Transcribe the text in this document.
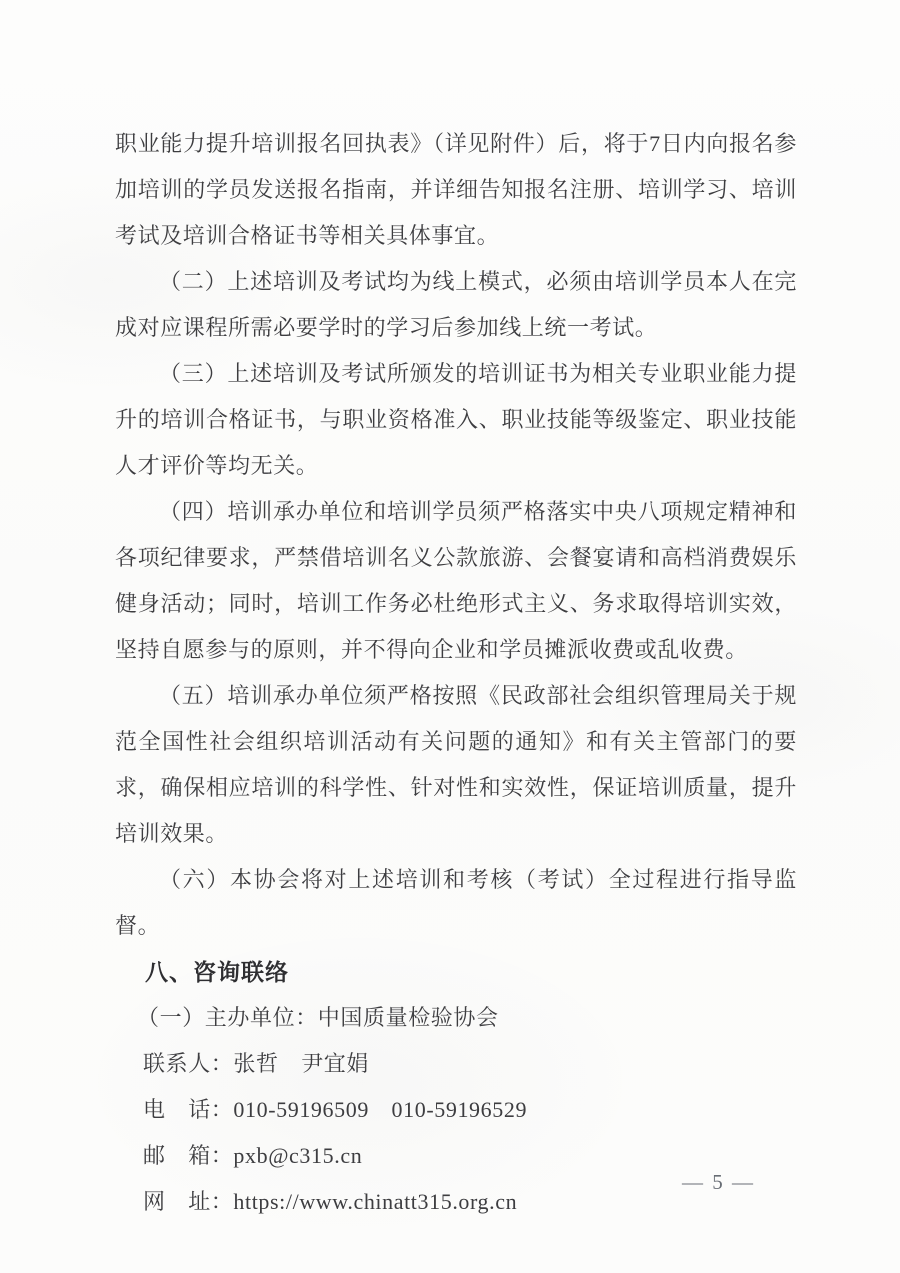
职业能力提升培训报名回执表》（详见附件）后，将于7日内向报名参加培训的学员发送报名指南，并详细告知报名注册、培训学习、培训考试及培训合格证书等相关具体事宜。

（二）上述培训及考试均为线上模式，必须由培训学员本人在完成对应课程所需必要学时的学习后参加线上统一考试。

（三）上述培训及考试所颁发的培训证书为相关专业职业能力提升的培训合格证书，与职业资格准入、职业技能等级鉴定、职业技能人才评价等均无关。

（四）培训承办单位和培训学员须严格落实中央八项规定精神和各项纪律要求，严禁借培训名义公款旅游、会餐宴请和高档消费娱乐健身活动；同时，培训工作务必杜绝形式主义、务求取得培训实效，坚持自愿参与的原则，并不得向企业和学员摊派收费或乱收费。

（五）培训承办单位须严格按照《民政部社会组织管理局关于规范全国性社会组织培训活动有关问题的通知》和有关主管部门的要求，确保相应培训的科学性、针对性和实效性，保证培训质量，提升培训效果。

（六）本协会将对上述培训和考核（考试）全过程进行指导监督。

八、咨询联络

（一）主办单位：中国质量检验协会

联系人：张哲　尹宜娟

电　话：010-59196509　010-59196529

邮　箱：pxb@c315.cn

网　址：https://www.chinatt315.org.cn

— 5 —
